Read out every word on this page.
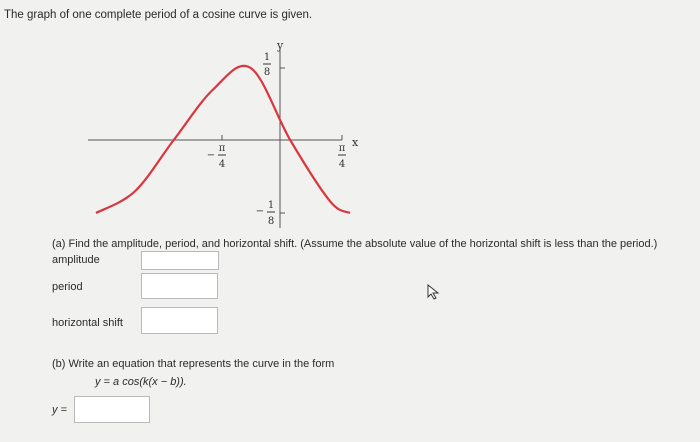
The graph of one complete period of a cosine curve is given.
y
x
1
8
−
1
8
−
π
4
π
4
(a) Find the amplitude, period, and horizontal shift. (Assume the absolute value of the horizontal shift is less than the period.)
amplitude
period
horizontal shift
(b) Write an equation that represents the curve in the form
y = a cos(k(x − b)).
y =
